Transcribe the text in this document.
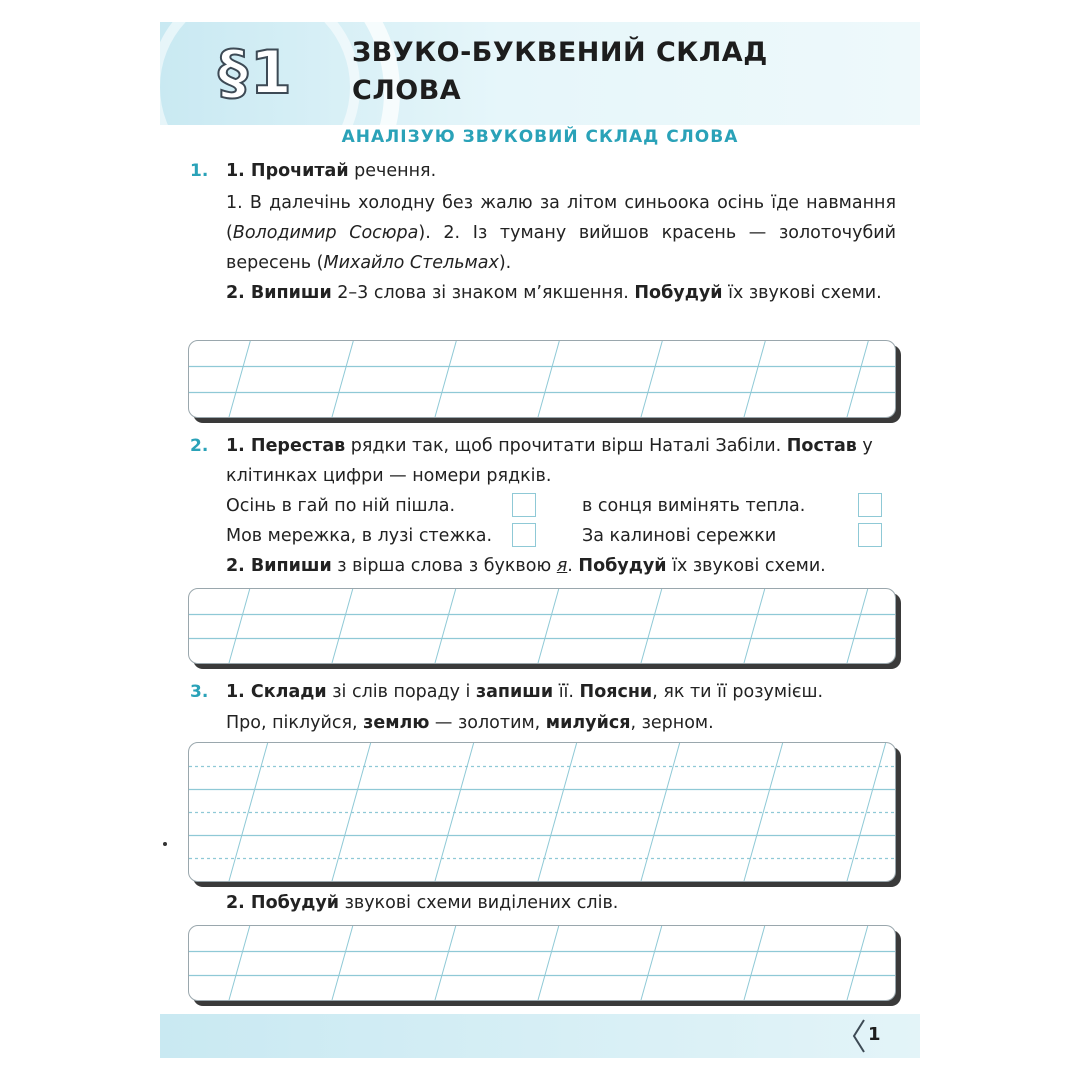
§1 ЗВУКО-БУКВЕНИЙ СКЛАД
СЛОВА
АНАЛІЗУЮ ЗВУКОВИЙ СКЛАД СЛОВА
1. 1. Прочитай речення.
1. В далечінь холодну без жалю за літом синьоока осінь їде навмання (Володимир Сосюра). 2. Із туману вийшов красень — золоточубий вересень (Михайло Стельмах).
2. Випиши 2–3 слова зі знаком м’якшення. Побудуй їх звукові схеми.
2. 1. Перестав рядки так, щоб прочитати вірш Наталі Забіли. Постав у клітинках цифри — номери рядків.
Осінь в гай по ній пішла.	в сонця вимінять тепла.
Мов мережка, в лузі стежка.	За калинові сережки
2. Випиши з вірша слова з буквою я. Побудуй їх звукові схеми.
3. 1. Склади зі слів пораду і запиши її. Поясни, як ти її розумієш.
Про, піклуйся, землю — золотим, милуйся, зерном.
2. Побудуй звукові схеми виділених слів.
1
